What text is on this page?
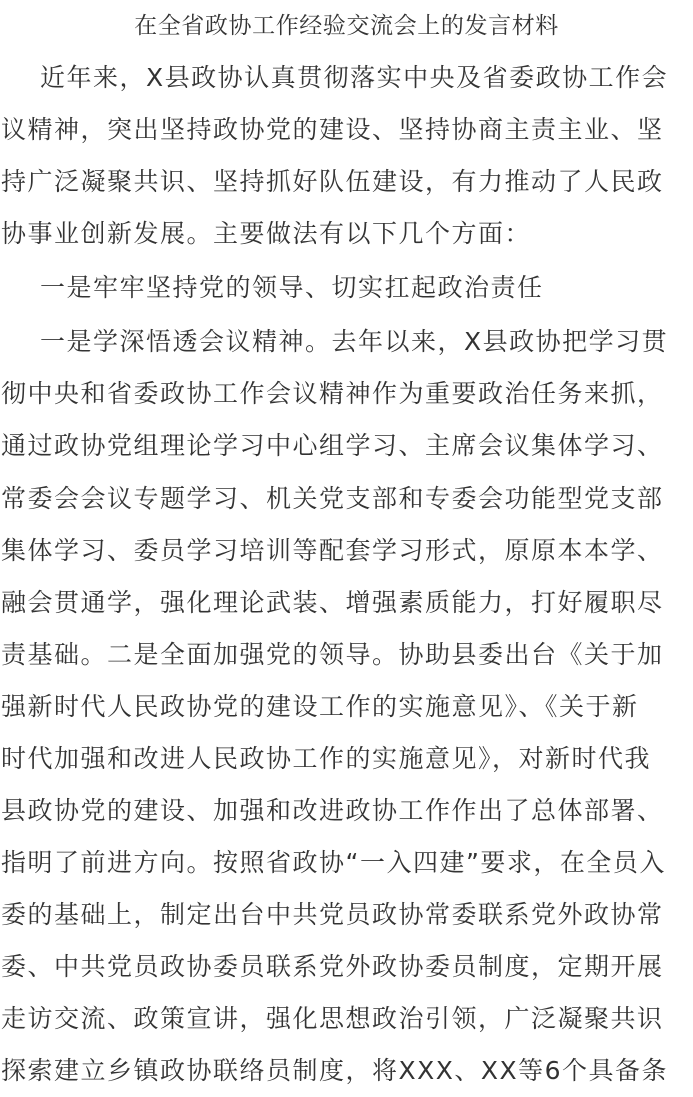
在全省政协工作经验交流会上的发言材料
近年来，X县政协认真贯彻落实中央及省委政协工作会
议精神，突出坚持政协党的建设、坚持协商主责主业、坚
持广泛凝聚共识、坚持抓好队伍建设，有力推动了人民政
协事业创新发展。主要做法有以下几个方面：
一是牢牢坚持党的领导、切实扛起政治责任
一是学深悟透会议精神。去年以来，X县政协把学习贯
彻中央和省委政协工作会议精神作为重要政治任务来抓，
通过政协党组理论学习中心组学习、主席会议集体学习、
常委会会议专题学习、机关党支部和专委会功能型党支部
集体学习、委员学习培训等配套学习形式，原原本本学、
融会贯通学，强化理论武装、增强素质能力，打好履职尽
责基础。二是全面加强党的领导。协助县委出台《关于加
强新时代人民政协党的建设工作的实施意见》、《关于新
时代加强和改进人民政协工作的实施意见》，对新时代我
县政协党的建设、加强和改进政协工作作出了总体部署、
指明了前进方向。按照省政协“一入四建”要求，在全员入
委的基础上，制定出台中共党员政协常委联系党外政协常
委、中共党员政协委员联系党外政协委员制度，定期开展
走访交流、政策宣讲，强化思想政治引领，广泛凝聚共识
探索建立乡镇政协联络员制度，将XXX、XX等6个具备条
